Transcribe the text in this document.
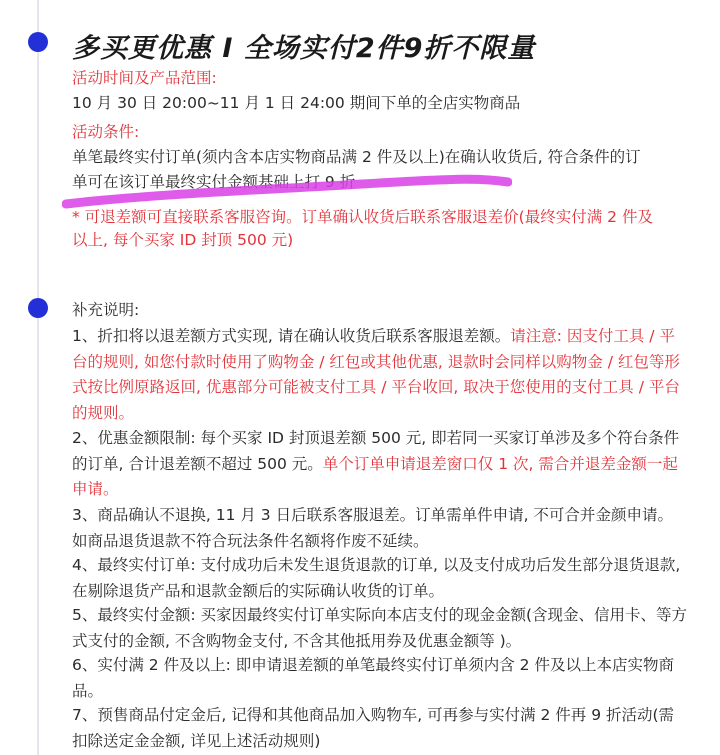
多买更优惠 I 全场实付2件9折不限量
活动时间及产品范围:
10 月 30 日 20:00~11 月 1 日 24:00 期间下单的全店实物商品
活动条件:
单笔最终实付订单(须内含本店实物商品满 2 件及以上)在确认收货后, 符合条件的订
单可在该订单最终实付金额基础上打 9 折
* 可退差额可直接联系客服咨询。订单确认收货后联系客服退差价(最终实付满 2 件及
以上, 每个买家 ID 封顶 500 元)
补充说明:
1、折扣将以退差额方式实现, 请在确认收货后联系客服退差额。请注意: 因支付工具 / 平台的规则, 如您付款时使用了购物金 / 红包或其他优惠, 退款时会同样以购物金 / 红包等形式按比例原路返回, 优惠部分可能被支付工具 / 平台收回, 取决于您使用的支付工具 / 平台的规则。
2、优惠金额限制: 每个买家 ID 封顶退差额 500 元, 即若同一买家订单涉及多个符台条件的订单, 合计退差额不超过 500 元。单个订单申请退差窗口仅 1 次, 需合并退差金额一起申请。
3、商品确认不退换, 11 月 3 日后联系客服退差。订单需单件申请, 不可合并金颜申请。如商品退货退款不符合玩法条件名额将作废不延续。
4、最终实付订单: 支付成功后未发生退货退款的订单, 以及支付成功后发生部分退货退款, 在剔除退货产品和退款金额后的实际确认收货的订单。
5、最终实付金额: 买家因最终实付订单实际向本店支付的现金金额(含现金、信用卡、等方式支付的金额, 不含购物金支付, 不含其他抵用券及优惠金额等 )。
6、实付满 2 件及以上: 即申请退差额的单笔最终实付订单须内含 2 件及以上本店实物商品。
7、预售商品付定金后, 记得和其他商品加入购物车, 可再参与实付满 2 件再 9 折活动(需扣除送定金金额, 详见上述活动规则)
